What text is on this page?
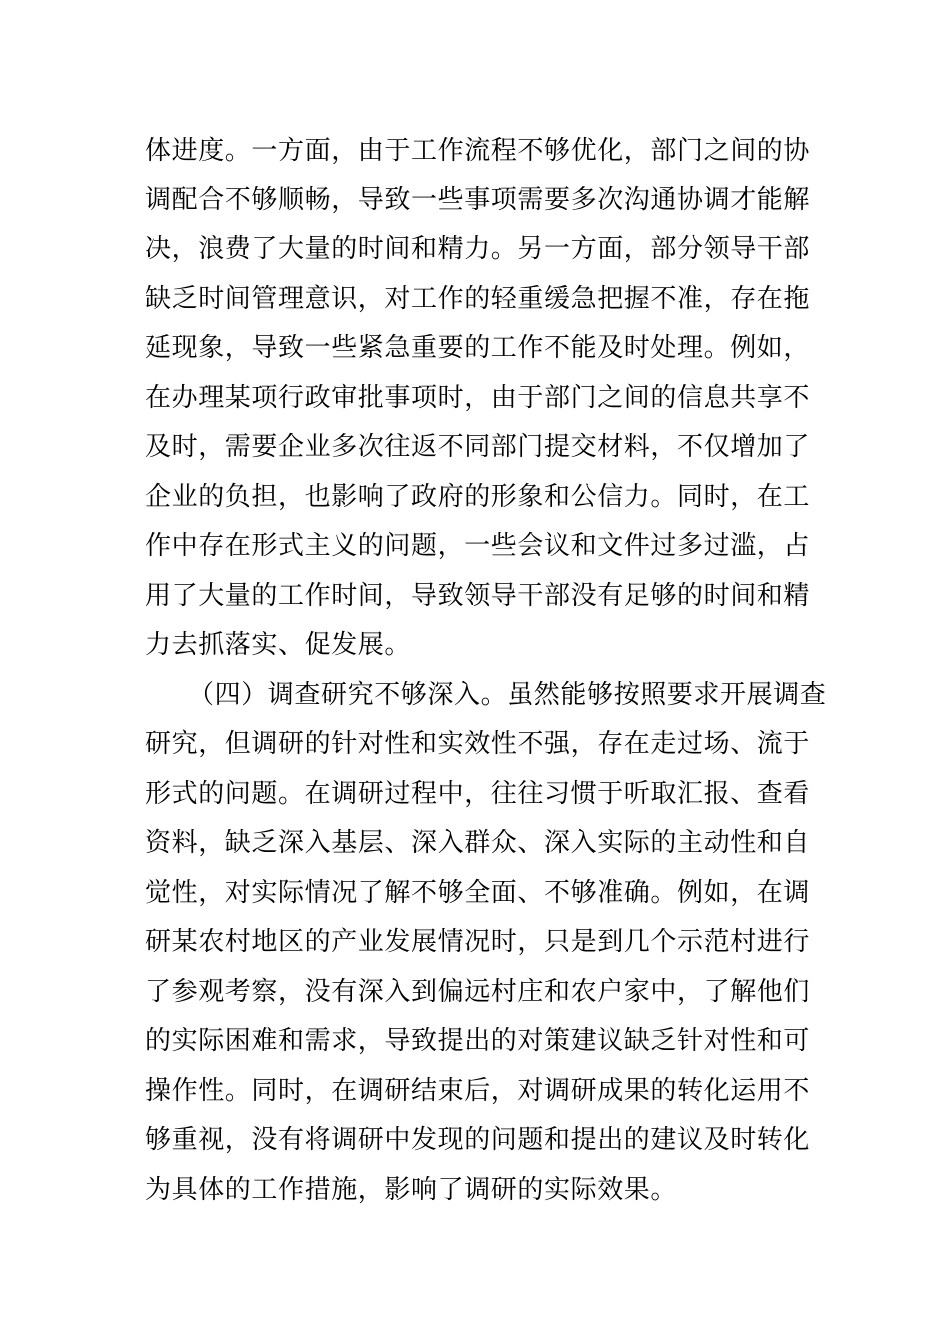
体进度。一方面，由于工作流程不够优化，部门之间的协
调配合不够顺畅，导致一些事项需要多次沟通协调才能解
决，浪费了大量的时间和精力。另一方面，部分领导干部
缺乏时间管理意识，对工作的轻重缓急把握不准，存在拖
延现象，导致一些紧急重要的工作不能及时处理。例如，
在办理某项行政审批事项时，由于部门之间的信息共享不
及时，需要企业多次往返不同部门提交材料，不仅增加了
企业的负担，也影响了政府的形象和公信力。同时，在工
作中存在形式主义的问题，一些会议和文件过多过滥，占
用了大量的工作时间，导致领导干部没有足够的时间和精
力去抓落实、促发展。
（四）调查研究不够深入。虽然能够按照要求开展调查
研究，但调研的针对性和实效性不强，存在走过场、流于
形式的问题。在调研过程中，往往习惯于听取汇报、查看
资料，缺乏深入基层、深入群众、深入实际的主动性和自
觉性，对实际情况了解不够全面、不够准确。例如，在调
研某农村地区的产业发展情况时，只是到几个示范村进行
了参观考察，没有深入到偏远村庄和农户家中，了解他们
的实际困难和需求，导致提出的对策建议缺乏针对性和可
操作性。同时，在调研结束后，对调研成果的转化运用不
够重视，没有将调研中发现的问题和提出的建议及时转化
为具体的工作措施，影响了调研的实际效果。
